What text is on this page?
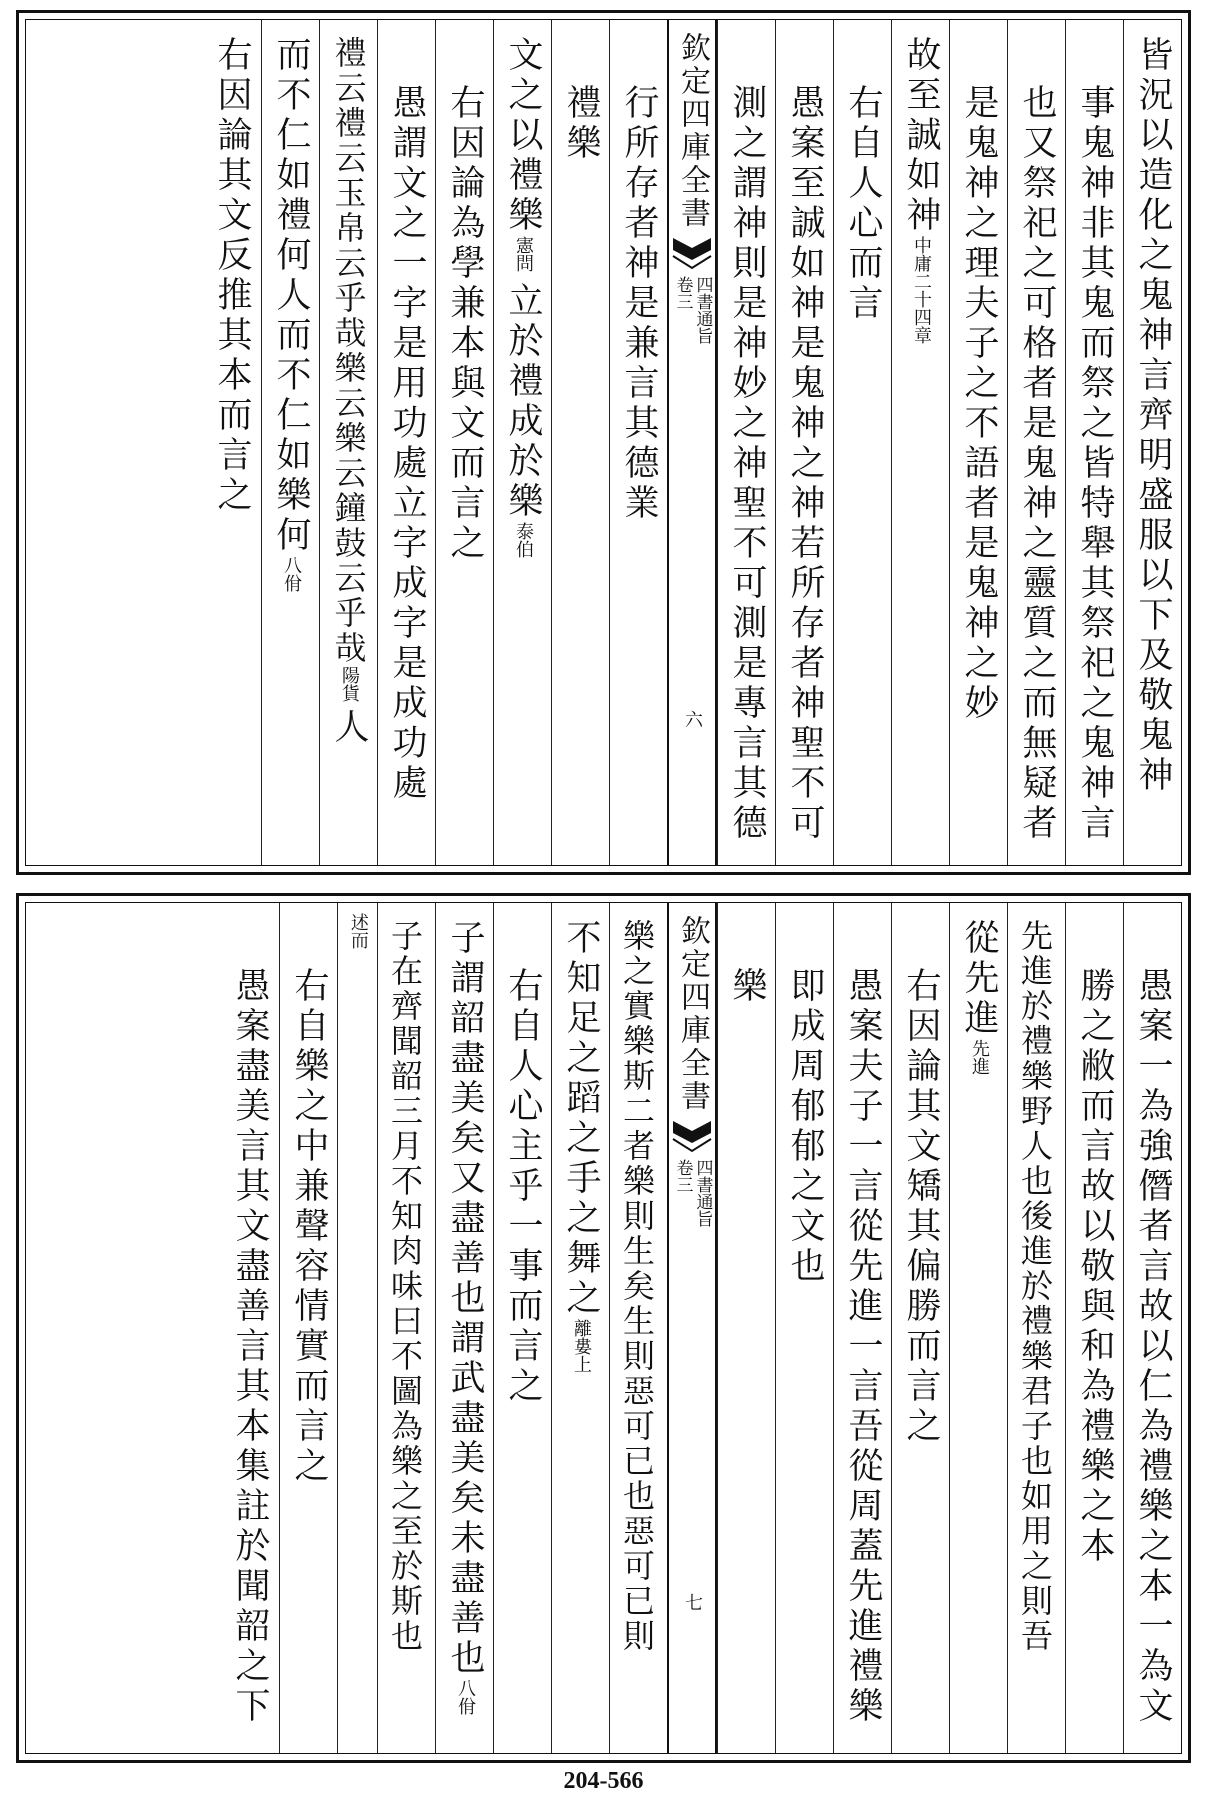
皆況以造化之鬼神言齊明盛服以下及敬鬼神
事鬼神非其鬼而祭之皆特舉其祭祀之鬼神言
也又祭祀之可格者是鬼神之靈質之而無疑者
是鬼神之理夫子之不語者是鬼神之妙
故至誠如神
中庸二十四章
右自人心而言
愚案至誠如神是鬼神之神若所存者神聖不可
測之謂神則是神妙之神聖不可測是專言其德
欽定四庫全書
四書通旨
卷三
六
行所存者神是兼言其德業
禮樂
文之以禮樂
憲問
立於禮成於樂
泰伯
右因論為學兼本與文而言之
愚謂文之一字是用功處立字成字是成功處
禮云禮云玉帛云乎哉樂云樂云鐘鼓云乎哉
陽貨
人
而不仁如禮何人而不仁如樂何
八佾
右因論其文反推其本而言之
愚案一為強僭者言故以仁為禮樂之本一為文
勝之敝而言故以敬與和為禮樂之本
先進於禮樂野人也後進於禮樂君子也如用之則吾
從先進
先進
右因論其文矯其偏勝而言之
愚案夫子一言從先進一言吾從周蓋先進禮樂
即成周郁郁之文也
樂
欽定四庫全書
四書通旨
卷三
七
樂之實樂斯二者樂則生矣生則惡可已也惡可已則
不知足之蹈之手之舞之
離婁上
右自人心主乎一事而言之
子謂韶盡美矣又盡善也謂武盡美矣未盡善也
八佾
子在齊聞韶三月不知肉味曰不圖為樂之至於斯也
述而
右自樂之中兼聲容情實而言之
愚案盡美言其文盡善言其本集註於聞韶之下
204-566
